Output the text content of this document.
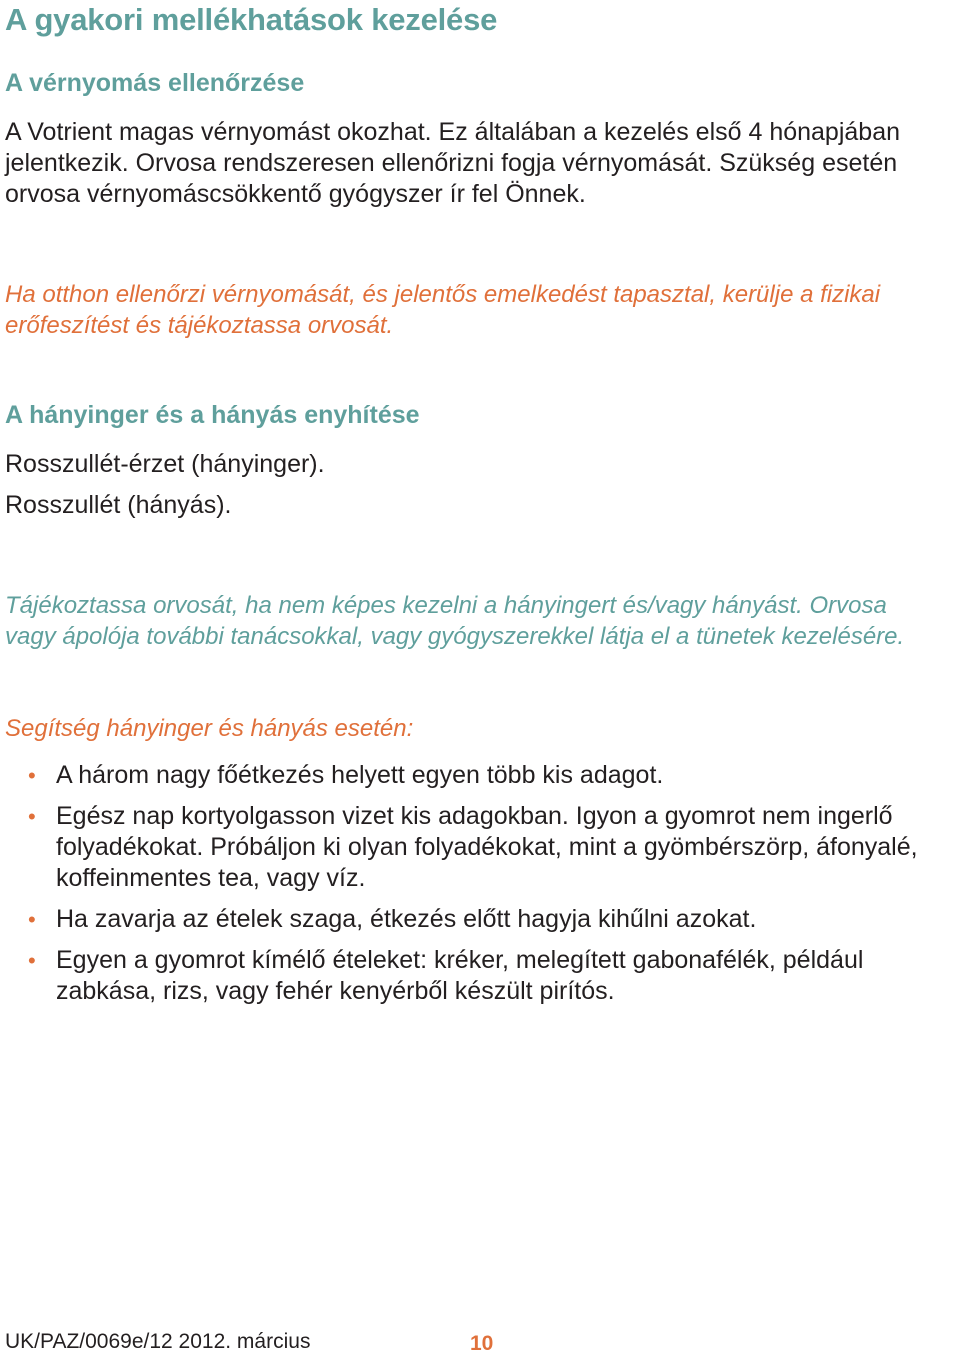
A gyakori mellékhatások kezelése
A vérnyomás ellenőrzése

A Votrient magas vérnyomást okozhat. Ez általában a kezelés első 4 hónapjában
jelentkezik. Orvosa rendszeresen ellenőrizni fogja vérnyomását. Szükség esetén
orvosa vérnyomáscsökkentő gyógyszer ír fel Önnek.

Ha otthon ellenőrzi vérnyomását, és jelentős emelkedést tapasztal, kerülje a fizikai
erőfeszítést és tájékoztassa orvosát.

A hányinger és a hányás enyhítése

Rosszullét-érzet (hányinger).

Rosszullét (hányás).

Tájékoztassa orvosát, ha nem képes kezelni a hányingert és/vagy hányást. Orvosa
vagy ápolója további tanácsokkal, vagy gyógyszerekkel látja el a tünetek kezelésére.

Segítség hányinger és hányás esetén:
• A három nagy főétkezés helyett egyen több kis adagot.
• Egész nap kortyolgasson vizet kis adagokban. Igyon a gyomrot nem ingerlő
folyadékokat. Próbáljon ki olyan folyadékokat, mint a gyömbérszörp, áfonyalé,
koffeinmentes tea, vagy víz.
• Ha zavarja az ételek szaga, étkezés előtt hagyja kihűlni azokat.
• Egyen a gyomrot kímélő ételeket: kréker, melegített gabonafélék, például
zabkása, rizs, vagy fehér kenyérből készült pirítós.
UK/PAZ/0069e/12 2012. március	10
